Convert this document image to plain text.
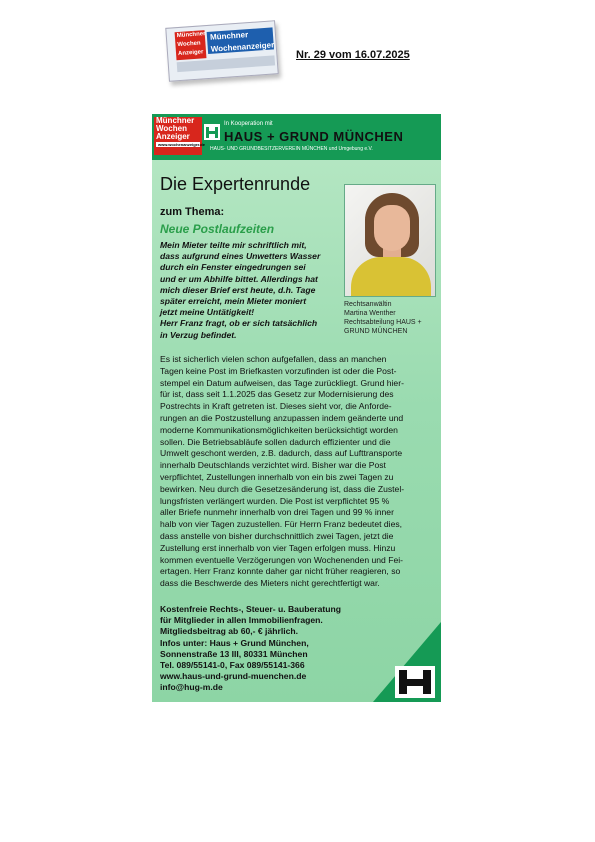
Münchner
Wochen
Anzeiger
Münchner
Wochenanzeiger
Nr. 29 vom 16.07.2025
Münchner
Wochen
Anzeiger
www.wochenanzeiger.de
In Kooperation mit
HAUS + GRUND MÜNCHEN
HAUS- UND GRUNDBESITZERVEREIN MÜNCHEN und Umgebung e.V.
Die Expertenrunde
zum Thema:
Neue Postlaufzeiten
Rechtsanwältin
Martina Wenther
Rechtsabteilung HAUS +
GRUND MÜNCHEN
Mein Mieter teilte mir schriftlich mit,
dass aufgrund eines Unwetters Wasser
durch ein Fenster eingedrungen sei
und er um Abhilfe bittet. Allerdings hat
mich dieser Brief erst heute, d.h. Tage
später erreicht, mein Mieter moniert
jetzt meine Untätigkeit!
Herr Franz fragt, ob er sich tatsächlich
in Verzug befindet.
Es ist sicherlich vielen schon aufgefallen, dass an manchen
Tagen keine Post im Briefkasten vorzufinden ist oder die Post-
stempel ein Datum aufweisen, das Tage zurückliegt. Grund hier-
für ist, dass seit 1.1.2025 das Gesetz zur Modernisierung des
Postrechts in Kraft getreten ist. Dieses sieht vor, die Anforde-
rungen an die Postzustellung anzupassen indem geänderte und
moderne Kommunikationsmöglichkeiten berücksichtigt worden
sollen. Die Betriebsabläufe sollen dadurch effizienter und die
Umwelt geschont werden, z.B. dadurch, dass auf Lufttransporte
innerhalb Deutschlands verzichtet wird. Bisher war die Post
verpflichtet, Zustellungen innerhalb von ein bis zwei Tagen zu
bewirken. Neu durch die Gesetzesänderung ist, dass die Zustel-
lungsfristen verlängert wurden. Die Post ist verpflichtet 95 %
aller Briefe nunmehr innerhalb von drei Tagen und 99 % inner
halb von vier Tagen zuzustellen. Für Herrn Franz bedeutet dies,
dass anstelle von bisher durchschnittlich zwei Tagen, jetzt die
Zustellung erst innerhalb von vier Tagen erfolgen muss. Hinzu
kommen eventuelle Verzögerungen von Wochenenden und Fei-
ertagen. Herr Franz konnte daher gar nicht früher reagieren, so
dass die Beschwerde des Mieters nicht gerechtfertigt war.
Kostenfreie Rechts-, Steuer- u. Bauberatung
für Mitglieder in allen Immobilienfragen.
Mitgliedsbeitrag ab 60,- € jährlich.
Infos unter: Haus + Grund München,
Sonnenstraße 13 III, 80331 München
Tel. 089/55141-0, Fax 089/55141-366
www.haus-und-grund-muenchen.de
info@hug-m.de
